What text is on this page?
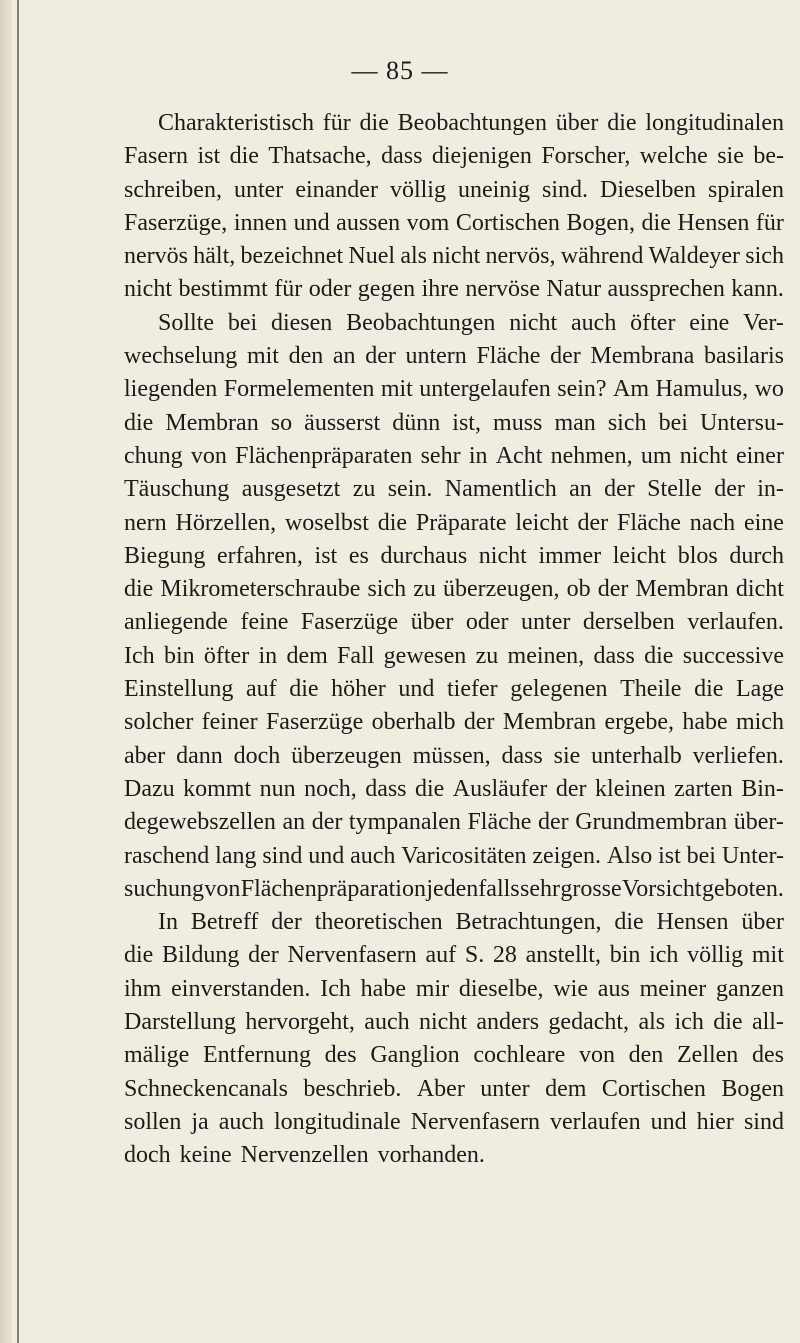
— 85 —
Charakteristisch für die Beobachtungen über die longitudinalen
Fasern ist die Thatsache, dass diejenigen Forscher, welche sie be-
schreiben, unter einander völlig uneinig sind. Dieselben spiralen
Faserzüge, innen und aussen vom Cortischen Bogen, die Hensen für
nervös hält, bezeichnet Nuel als nicht nervös, während Waldeyer sich
nicht bestimmt für oder gegen ihre nervöse Natur aussprechen kann.
Sollte bei diesen Beobachtungen nicht auch öfter eine Ver-
wechselung mit den an der untern Fläche der Membrana basilaris
liegenden Formelementen mit untergelaufen sein? Am Hamulus, wo
die Membran so äusserst dünn ist, muss man sich bei Untersu-
chung von Flächenpräparaten sehr in Acht nehmen, um nicht einer
Täuschung ausgesetzt zu sein. Namentlich an der Stelle der in-
nern Hörzellen, woselbst die Präparate leicht der Fläche nach eine
Biegung erfahren, ist es durchaus nicht immer leicht blos durch
die Mikrometerschraube sich zu überzeugen, ob der Membran dicht
anliegende feine Faserzüge über oder unter derselben verlaufen.
Ich bin öfter in dem Fall gewesen zu meinen, dass die successive
Einstellung auf die höher und tiefer gelegenen Theile die Lage
solcher feiner Faserzüge oberhalb der Membran ergebe, habe mich
aber dann doch überzeugen müssen, dass sie unterhalb verliefen.
Dazu kommt nun noch, dass die Ausläufer der kleinen zarten Bin-
degewebszellen an der tympanalen Fläche der Grundmembran über-
raschend lang sind und auch Varicositäten zeigen. Also ist bei Unter-
suchung von Flächenpräparation jedenfalls sehr grosse Vorsicht geboten.
In Betreff der theoretischen Betrachtungen, die Hensen über
die Bildung der Nervenfasern auf S. 28 anstellt, bin ich völlig mit
ihm einverstanden. Ich habe mir dieselbe, wie aus meiner ganzen
Darstellung hervorgeht, auch nicht anders gedacht, als ich die all-
mälige Entfernung des Ganglion cochleare von den Zellen des
Schneckencanals beschrieb. Aber unter dem Cortischen Bogen
sollen ja auch longitudinale Nervenfasern verlaufen und hier sind
doch keine Nervenzellen vorhanden.
